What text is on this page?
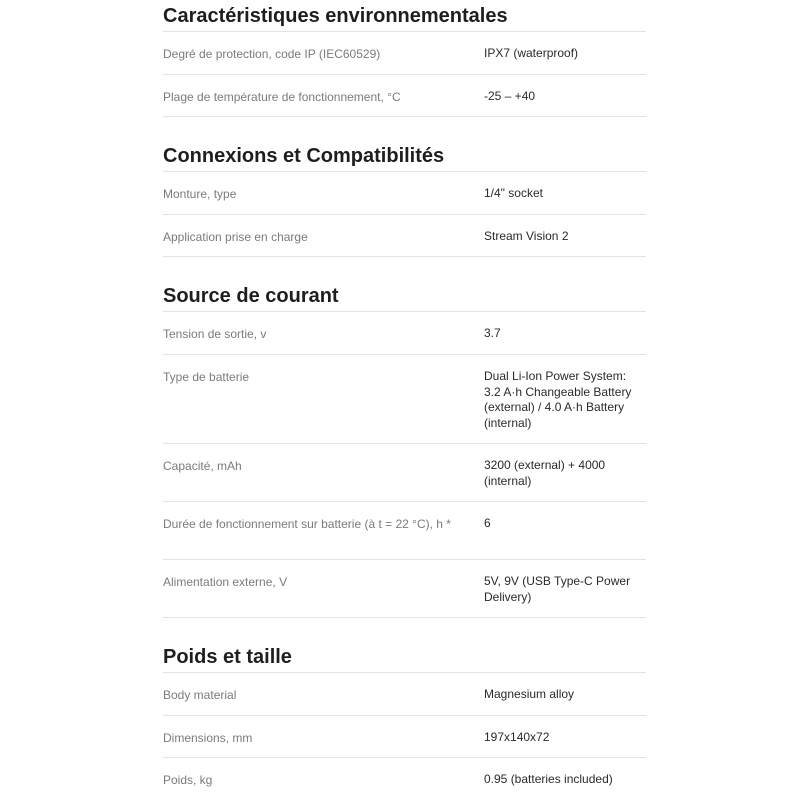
Caractéristiques environnementales
Degré de protection, code IP (IEC60529)	IPX7 (waterproof)
Plage de température de fonctionnement, °C	-25 – +40
Connexions et Compatibilités
Monture, type	1/4" socket
Application prise en charge	Stream Vision 2
Source de courant
Tension de sortie, v	3.7
Type de batterie	Dual Li-Ion Power System: 3.2 A·h Changeable Battery (external) / 4.0 A·h Battery (internal)
Capacité, mAh	3200 (external) + 4000 (internal)
Durée de fonctionnement sur batterie (à t = 22 °C), h *	6
Alimentation externe, V	5V, 9V (USB Type-C Power Delivery)
Poids et taille
Body material	Magnesium alloy
Dimensions, mm	197x140x72
Poids, kg	0.95 (batteries included)
